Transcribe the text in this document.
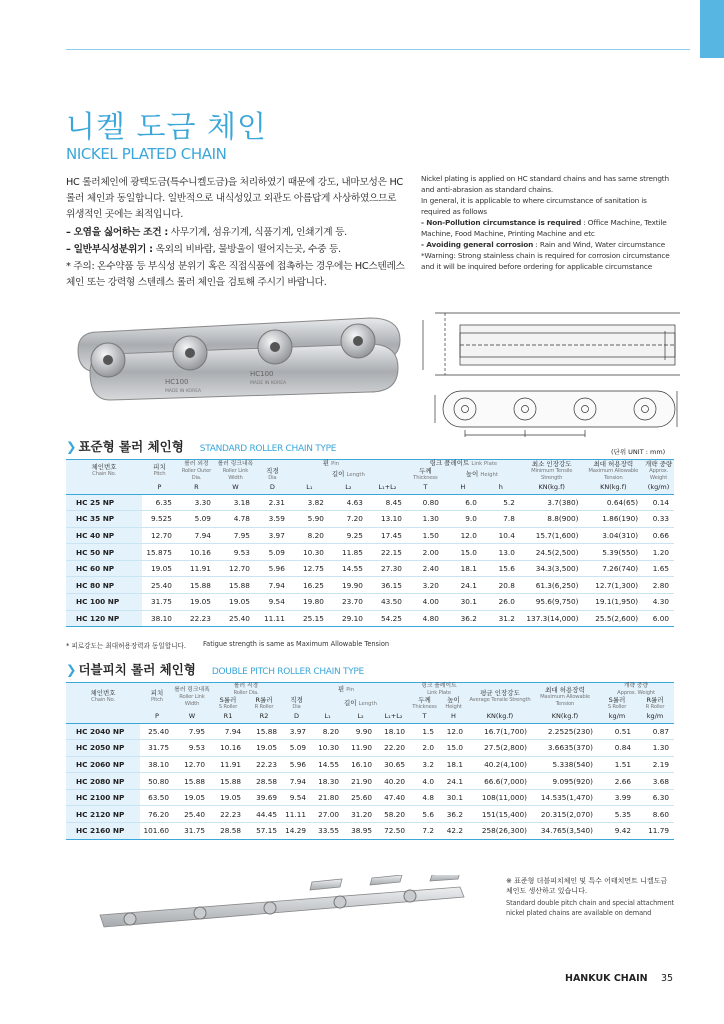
니켈 도금 체인
NICKEL PLATED CHAIN

HC 롤러체인에 광택도금(특수니켈도금)을 처리하였기 때문에 강도, 내마모성은 HC롤러 체인과 동일합니다. 일반적으로 내식성있고 외관도 아름답게 사상하였으므로 위생적인 곳에는 최적입니다.

– 오염을 싫어하는 조건 : 사무기계, 섬유기계, 식품기계, 인쇄기계 등.

– 일반부식성분위기 : 옥외의 비바람, 물방울이 떨어지는곳, 수중 등.

* 주의: 온수약품 등 부식성 분위기 혹은 직접식품에 접촉하는 경우에는 HC스텐레스 체인 또는 강력형 스텐레스 롤러 체인을 검토해 주시기 바랍니다.

Nickel plating is applied on HC standard chains and has same strength and anti-abrasion as standard chains.
In general, it is applicable to where circumstance of sanitation is required as follows
- Non-Pollution circumstance is required : Office Machine, Textile Machine, Food Machine, Printing Machine and etc
- Avoiding general corrosion : Rain and Wind, Water circumstance
*Warning: Strong stainless chain is required for corrosion circumstance and it will be inquired before ordering for applicable circumstance
HC100
HC100
MADE IN KOREA
MADE IN KOREA
❯ 표준형 롤러 체인형 STANDARD ROLLER CHAIN TYPE	(단위 UNIT : mm)
체인번호
Chain No.	피치
Pitch	롤러 외경
Roller Outer Dia.	롤러 링크내폭
Roller Link Width	핀 Pin				링크 플레이트 Link Plate			최소 인장강도
Minimum Tensile Strength	최대 허용장력
Maximum Allowable Tension	개략 중량
Approx. Weight

				직경
Dia	길이 Length			두께
Thickness	높이 Height				
	P	R	W	D	L₁	L₂	L₁+L₂	T	H	h	KN(kg.f)	KN(kg.f)	(kg/m)
HC 25 NP	6.35	3.30	3.18	2.31	3.82	4.63	8.45	0.80	6.0	5.2	3.7(380)	0.64(65)	0.14
HC 35 NP	9.525	5.09	4.78	3.59	5.90	7.20	13.10	1.30	9.0	7.8	8.8(900)	1.86(190)	0.33
HC 40 NP	12.70	7.94	7.95	3.97	8.20	9.25	17.45	1.50	12.0	10.4	15.7(1,600)	3.04(310)	0.66
HC 50 NP	15.875	10.16	9.53	5.09	10.30	11.85	22.15	2.00	15.0	13.0	24.5(2,500)	5.39(550)	1.20
HC 60 NP	19.05	11.91	12.70	5.96	12.75	14.55	27.30	2.40	18.1	15.6	34.3(3,500)	7.26(740)	1.65
HC 80 NP	25.40	15.88	15.88	7.94	16.25	19.90	36.15	3.20	24.1	20.8	61.3(6,250)	12.7(1,300)	2.80
HC 100 NP	31.75	19.05	19.05	9.54	19.80	23.70	43.50	4.00	30.1	26.0	95.6(9,750)	19.1(1,950)	4.30
HC 120 NP	38.10	22.23	25.40	11.11	25.15	29.10	54.25	4.80	36.2	31.2	137.3(14,000)	25.5(2,600)	6.00
* 피로강도는 최대허용장력과 동일합니다.	Fatigue strength is same as Maximum Allowable Tension
❯ 더블피치 롤러 체인형 DOUBLE PITCH ROLLER CHAIN TYPE
체인번호
Chain No.	피치
Pitch	롤러 링크내폭
Roller Link Width	롤러 직경
Roller Dia.		핀 Pin				링크 플레이트
Link Plate		평균 인장강도
Average Tensile Strength	최대 허용장력
Maximum Allowable Tension	개략 중량
Approx. Weight	

			S롤러
S Roller	R롤러
R Roller	직경
Dia	길이 Length			두께
Thickness	높이
Height			S롤러
S Roller	R롤러
R Roller

	P	W	R1	R2	D	L₁	L₂	L₁+L₂	T	H	KN(kg.f)	KN(kg.f)	kg/m	kg/m
HC 2040 NP	25.40	7.95	7.94	15.88	3.97	8.20	9.90	18.10	1.5	12.0	16.7(1,700)	2.2525(230)	0.51	0.87
HC 2050 NP	31.75	9.53	10.16	19.05	5.09	10.30	11.90	22.20	2.0	15.0	27.5(2,800)	3.6635(370)	0.84	1.30
HC 2060 NP	38.10	12.70	11.91	22.23	5.96	14.55	16.10	30.65	3.2	18.1	40.2(4,100)	5.338(540)	1.51	2.19
HC 2080 NP	50.80	15.88	15.88	28.58	7.94	18.30	21.90	40.20	4.0	24.1	66.6(7,000)	9.095(920)	2.66	3.68
HC 2100 NP	63.50	19.05	19.05	39.69	9.54	21.80	25.60	47.40	4.8	30.1	108(11,000)	14.535(1,470)	3.99	6.30
HC 2120 NP	76.20	25.40	22.23	44.45	11.11	27.00	31.20	58.20	5.6	36.2	151(15,400)	20.315(2,070)	5.35	8.60
HC 2160 NP	101.60	31.75	28.58	57.15	14.29	33.55	38.95	72.50	7.2	42.2	258(26,300)	34.765(3,540)	9.42	11.79
※ 표준형 더블피치체인 및 특수 어태치먼트 니켈도금 체인도 생산하고 있습니다.
Standard double pitch chain and special attachment nickel plated chains are available on demand
HANKUK CHAIN 35
